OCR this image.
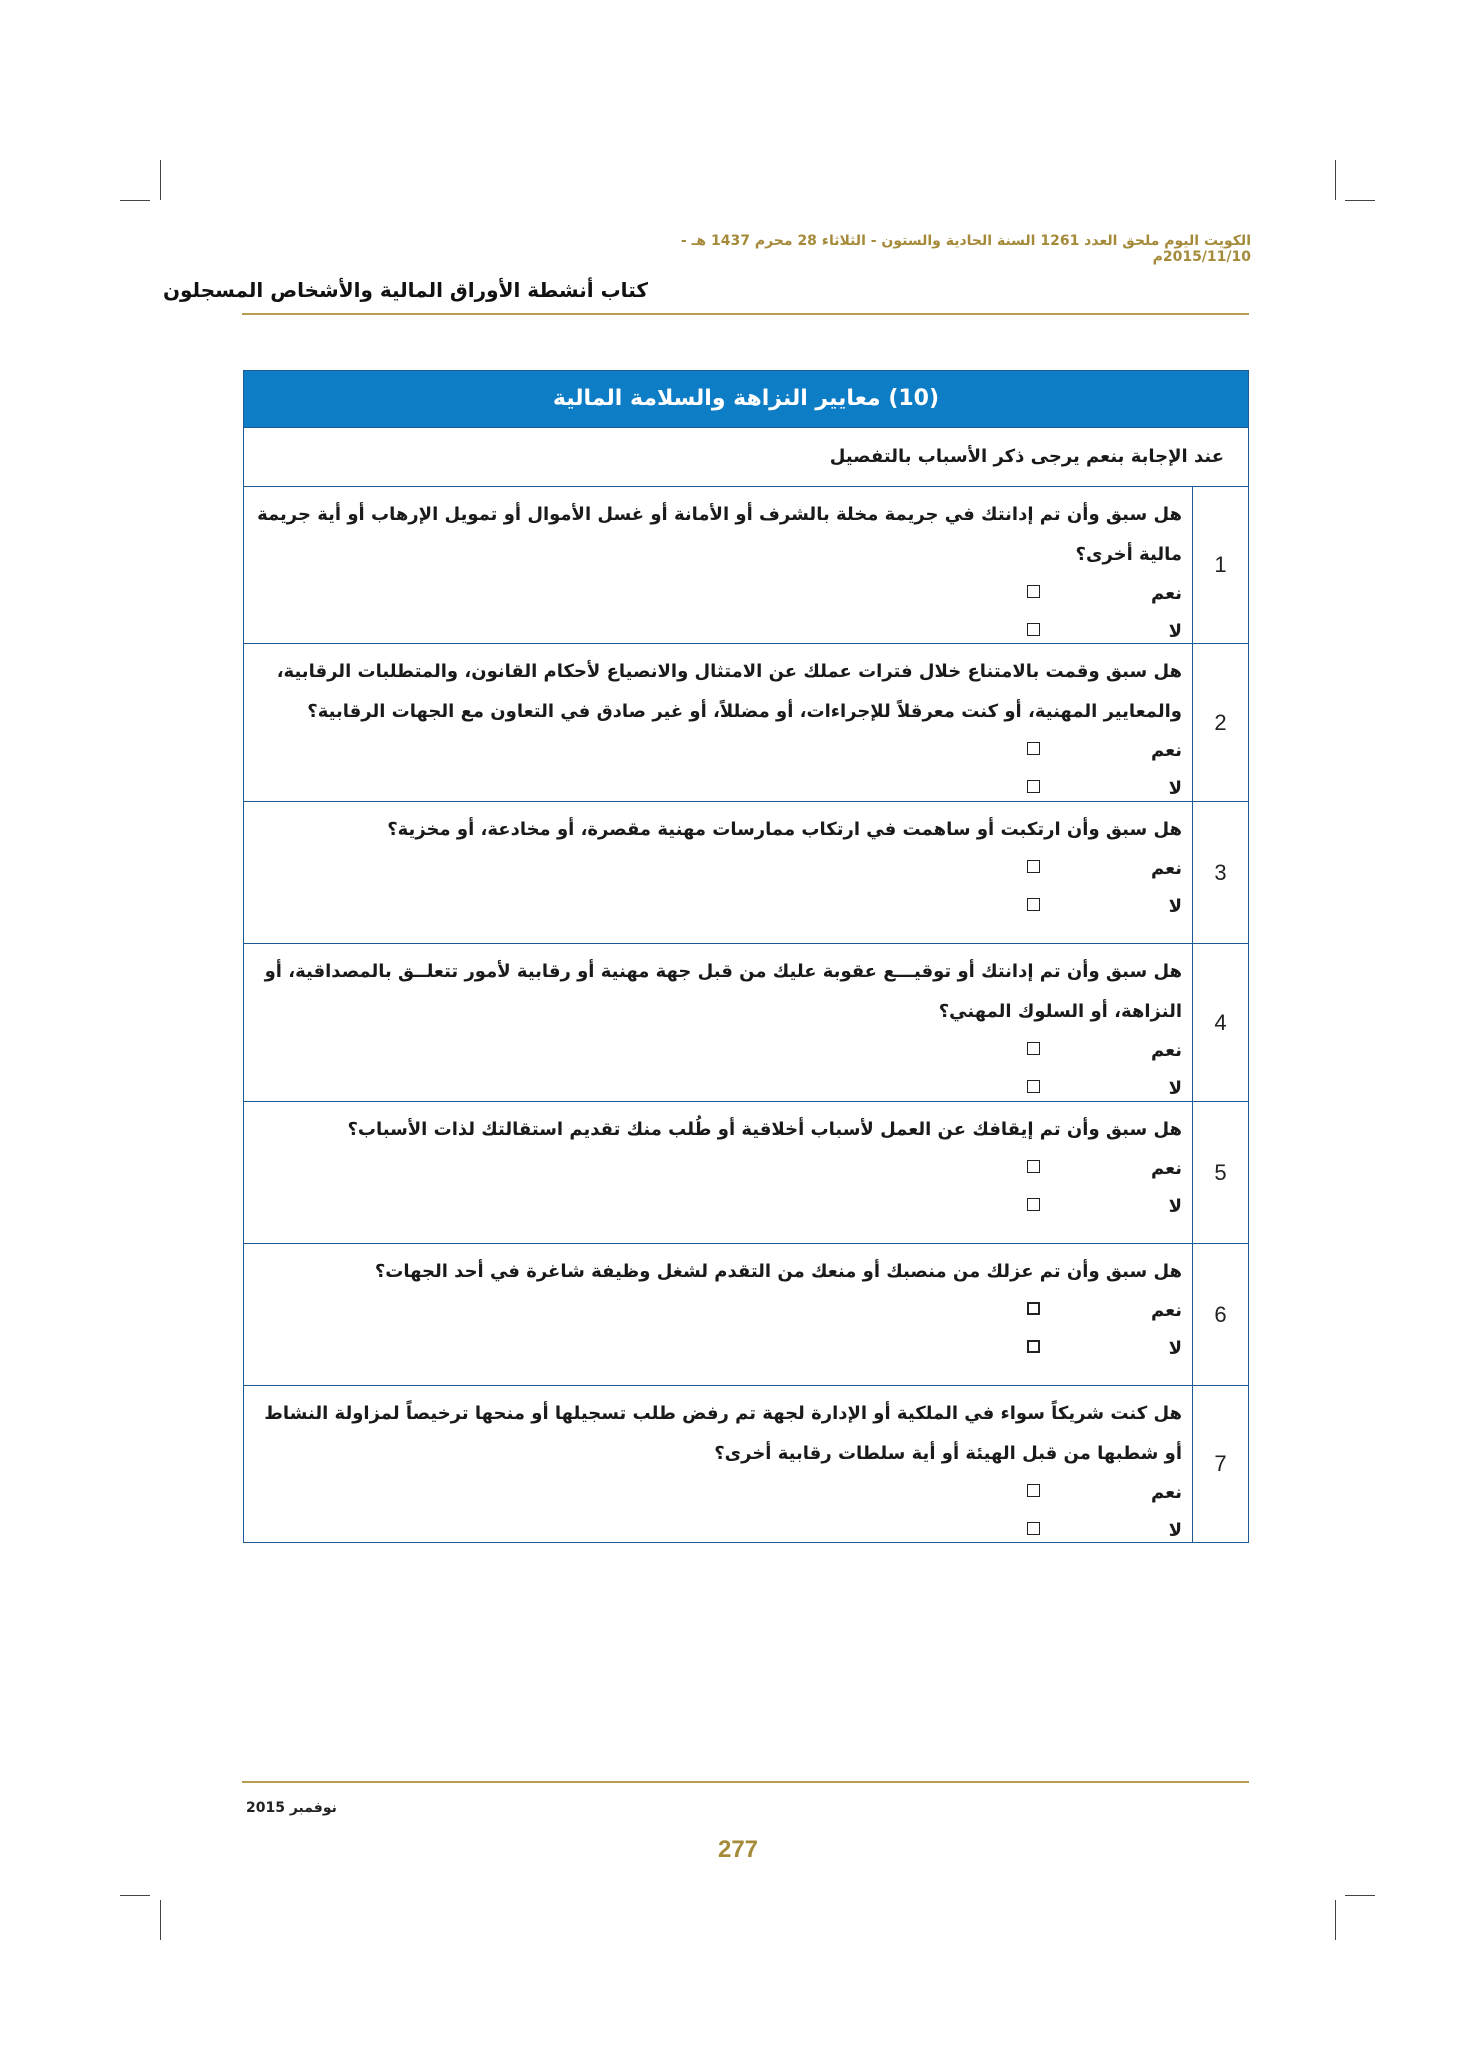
الكويت اليوم ملحق العدد 1261 السنة الحادية والستون - الثلاثاء 28 محرم 1437 هـ - 2015/11/10م
كتاب أنشطة الأوراق المالية والأشخاص المسجلون
(10) معايير النزاهة والسلامة المالية
عند الإجابة بنعم يرجى ذكر الأسباب بالتفصيل
1

هل سبق وأن تم إدانتك في جريمة مخلة بالشرف أو الأمانة أو غسل الأموال أو تمويل الإرهاب أو أية جريمة مالية أخرى؟

نعم
لا
2

هل سبق وقمت بالامتناع خلال فترات عملك عن الامتثال والانصياع لأحكام القانون، والمتطلبات الرقابية، والمعايير المهنية، أو كنت معرقلاً للإجراءات، أو مضللاً، أو غير صادق في التعاون مع الجهات الرقابية؟

نعم
لا
3

هل سبق وأن ارتكبت أو ساهمت في ارتكاب ممارسات مهنية مقصرة، أو مخادعة، أو مخزية؟

نعم
لا
4

هل سبق وأن تم إدانتك أو توقيـــع عقوبة عليك من قبل جهة مهنية أو رقابية لأمور تتعلــق بالمصداقية، أو النزاهة، أو السلوك المهني؟

نعم
لا
5

هل سبق وأن تم إيقافك عن العمل لأسباب أخلاقية أو طُلب منك تقديم استقالتك لذات الأسباب؟

نعم
لا
6

هل سبق وأن تم عزلك من منصبك أو منعك من التقدم لشغل وظيفة شاغرة في أحد الجهات؟

نعم
لا
7

هل كنت شريكاً سواء في الملكية أو الإدارة لجهة تم رفض طلب تسجيلها أو منحها ترخيصاً لمزاولة النشاط أو شطبها من قبل الهيئة أو أية سلطات رقابية أخرى؟

نعم
لا
نوفمبر 2015
277
